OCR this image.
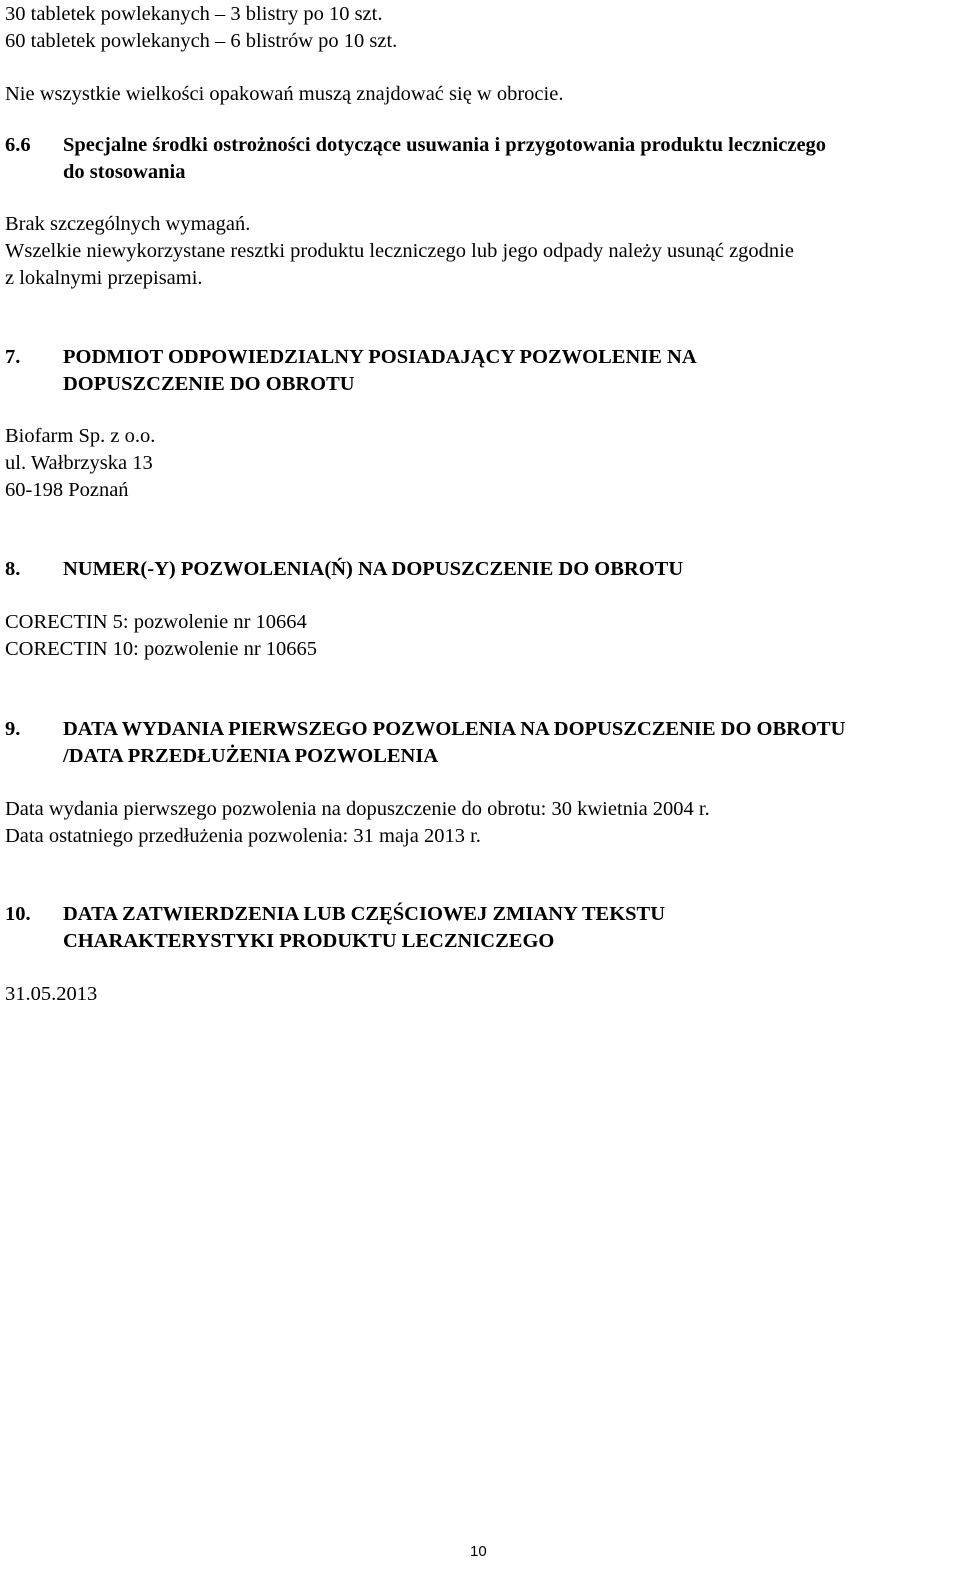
30 tabletek powlekanych – 3 blistry po 10 szt.
60 tabletek powlekanych – 6 blistrów po 10 szt.
Nie wszystkie wielkości opakowań muszą znajdować się w obrocie.
6.6 Specjalne środki ostrożności dotyczące usuwania i przygotowania produktu leczniczego
do stosowania
Brak szczególnych wymagań.
Wszelkie niewykorzystane resztki produktu leczniczego lub jego odpady należy usunąć zgodnie
z lokalnymi przepisami.
7. PODMIOT ODPOWIEDZIALNY POSIADAJĄCY POZWOLENIE NA
DOPUSZCZENIE DO OBROTU
Biofarm Sp. z o.o.
ul. Wałbrzyska 13
60-198 Poznań
8. NUMER(-Y) POZWOLENIA(Ń) NA DOPUSZCZENIE DO OBROTU
CORECTIN 5: pozwolenie nr 10664
CORECTIN 10: pozwolenie nr 10665
9. DATA WYDANIA PIERWSZEGO POZWOLENIA NA DOPUSZCZENIE DO OBROTU
/DATA PRZEDŁUŻENIA POZWOLENIA
Data wydania pierwszego pozwolenia na dopuszczenie do obrotu: 30 kwietnia 2004 r.
Data ostatniego przedłużenia pozwolenia: 31 maja 2013 r.
10. DATA ZATWIERDZENIA LUB CZĘŚCIOWEJ ZMIANY TEKSTU
CHARAKTERYSTYKI PRODUKTU LECZNICZEGO
31.05.2013
10
